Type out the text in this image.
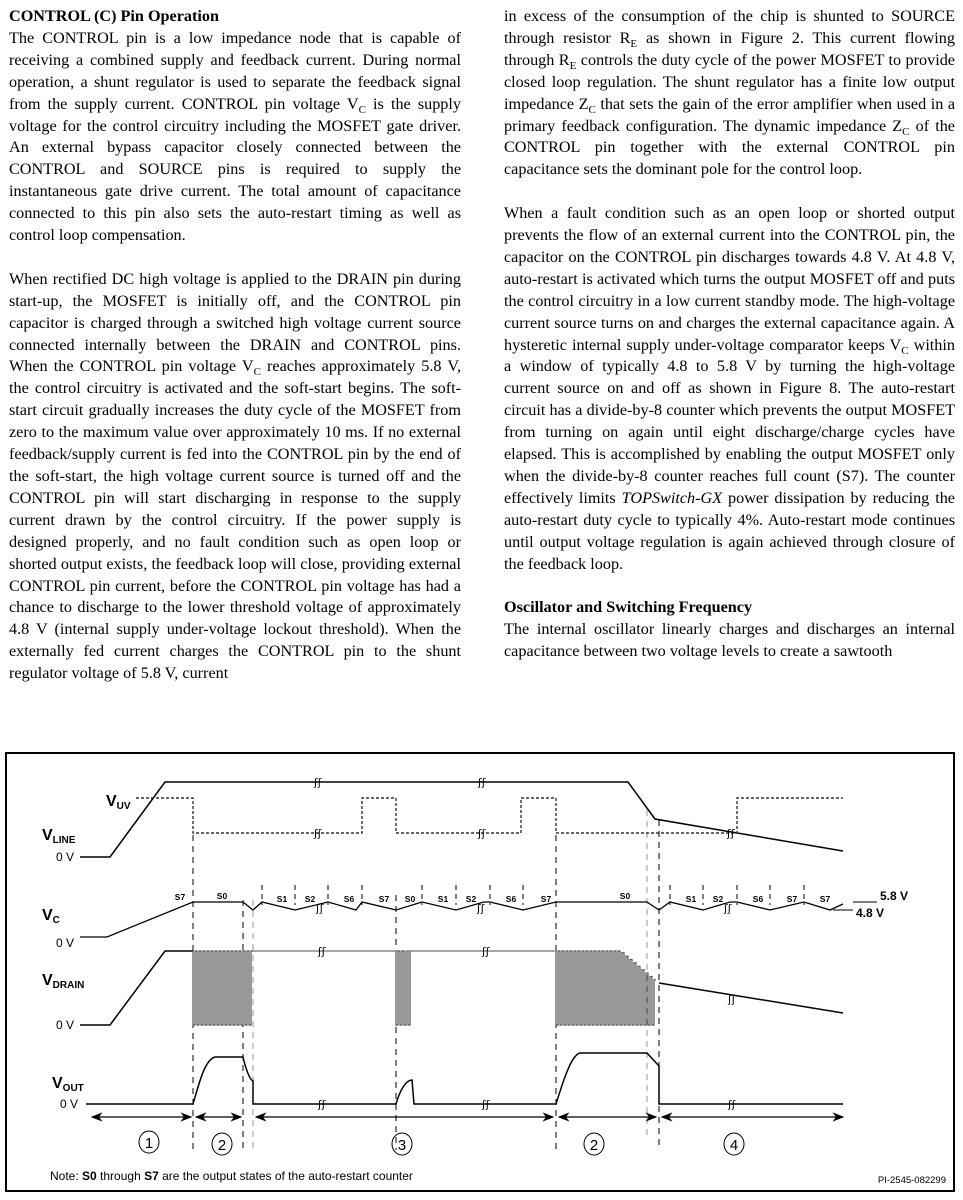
CONTROL (C) Pin Operation

The CONTROL pin is a low impedance node that is capable of receiving a combined supply and feedback current. During normal operation, a shunt regulator is used to separate the feedback signal from the supply current. CONTROL pin voltage $V_C$ is the supply voltage for the control circuitry including the MOSFET gate driver. An external bypass capacitor closely connected between the CONTROL and SOURCE pins is required to supply the instantaneous gate drive current. The total amount of capacitance connected to this pin also sets the auto-restart timing as well as control loop compensation.

When rectified DC high voltage is applied to the DRAIN pin during start-up, the MOSFET is initially off, and the CONTROL pin capacitor is charged through a switched high voltage current source connected internally between the DRAIN and CONTROL pins. When the CONTROL pin voltage $V_C$ reaches approximately 5.8 V, the control circuitry is activated and the soft-start begins. The soft-start circuit gradually increases the duty cycle of the MOSFET from zero to the maximum value over approximately 10 ms. If no external feedback/supply current is fed into the CONTROL pin by the end of the soft-start, the high voltage current source is turned off and the CONTROL pin will start discharging in response to the supply current drawn by the control circuitry. If the power supply is designed properly, and no fault condition such as open loop or shorted output exists, the feedback loop will close, providing external CONTROL pin current, before the CONTROL pin voltage has had a chance to discharge to the lower threshold voltage of approximately 4.8 V (internal supply under-voltage lockout threshold). When the externally fed current charges the CONTROL pin to the shunt regulator voltage of 5.8 V, current

in excess of the consumption of the chip is shunted to SOURCE through resistor $R_E$ as shown in Figure 2. This current flowing through $R_E$ controls the duty cycle of the power MOSFET to provide closed loop regulation. The shunt regulator has a finite low output impedance $Z_C$ that sets the gain of the error amplifier when used in a primary feedback configuration. The dynamic impedance $Z_C$ of the CONTROL pin together with the external CONTROL pin capacitance sets the dominant pole for the control loop.

When a fault condition such as an open loop or shorted output prevents the flow of an external current into the CONTROL pin, the capacitor on the CONTROL pin discharges towards 4.8 V. At 4.8 V, auto-restart is activated which turns the output MOSFET off and puts the control circuitry in a low current standby mode. The high-voltage current source turns on and charges the external capacitance again. A hysteretic internal supply under-voltage comparator keeps $V_C$ within a window of typically 4.8 to 5.8 V by turning the high-voltage current source on and off as shown in Figure 8. The auto-restart circuit has a divide-by-8 counter which prevents the output MOSFET from turning on again until eight discharge/charge cycles have elapsed. This is accomplished by enabling the output MOSFET only when the divide-by-8 counter reaches full count (S7). The counter effectively limits TOPSwitch-GX power dissipation by reducing the auto-restart duty cycle to typically 4%. Auto-restart mode continues until output voltage regulation is again achieved through closure of the feedback loop.

Oscillator and Switching Frequency

The internal oscillator linearly charges and discharges an internal capacitance between two voltage levels to create a sawtooth

ʃʃ	ʃʃ
ʃʃ	ʃʃ	ʃʃ
ʃʃ	ʃʃ
ʃʃ
ʃʃ	ʃʃ	ʃʃ
ʃʃ	ʃʃ	ʃʃ
1	2	3	2	4
VUV
VLINE
VC
VDRAIN
VOUT
0 V
0 V
0 V
0 V
5.8 V
4.8 V
S7	S0	S1 S2	S6	S7 S0	S1 S2	S6	S7	S0	S1 S2	S6	S7	S7
Note: S0 through S7 are the output states of the auto-restart counter	PI-2545-082299
